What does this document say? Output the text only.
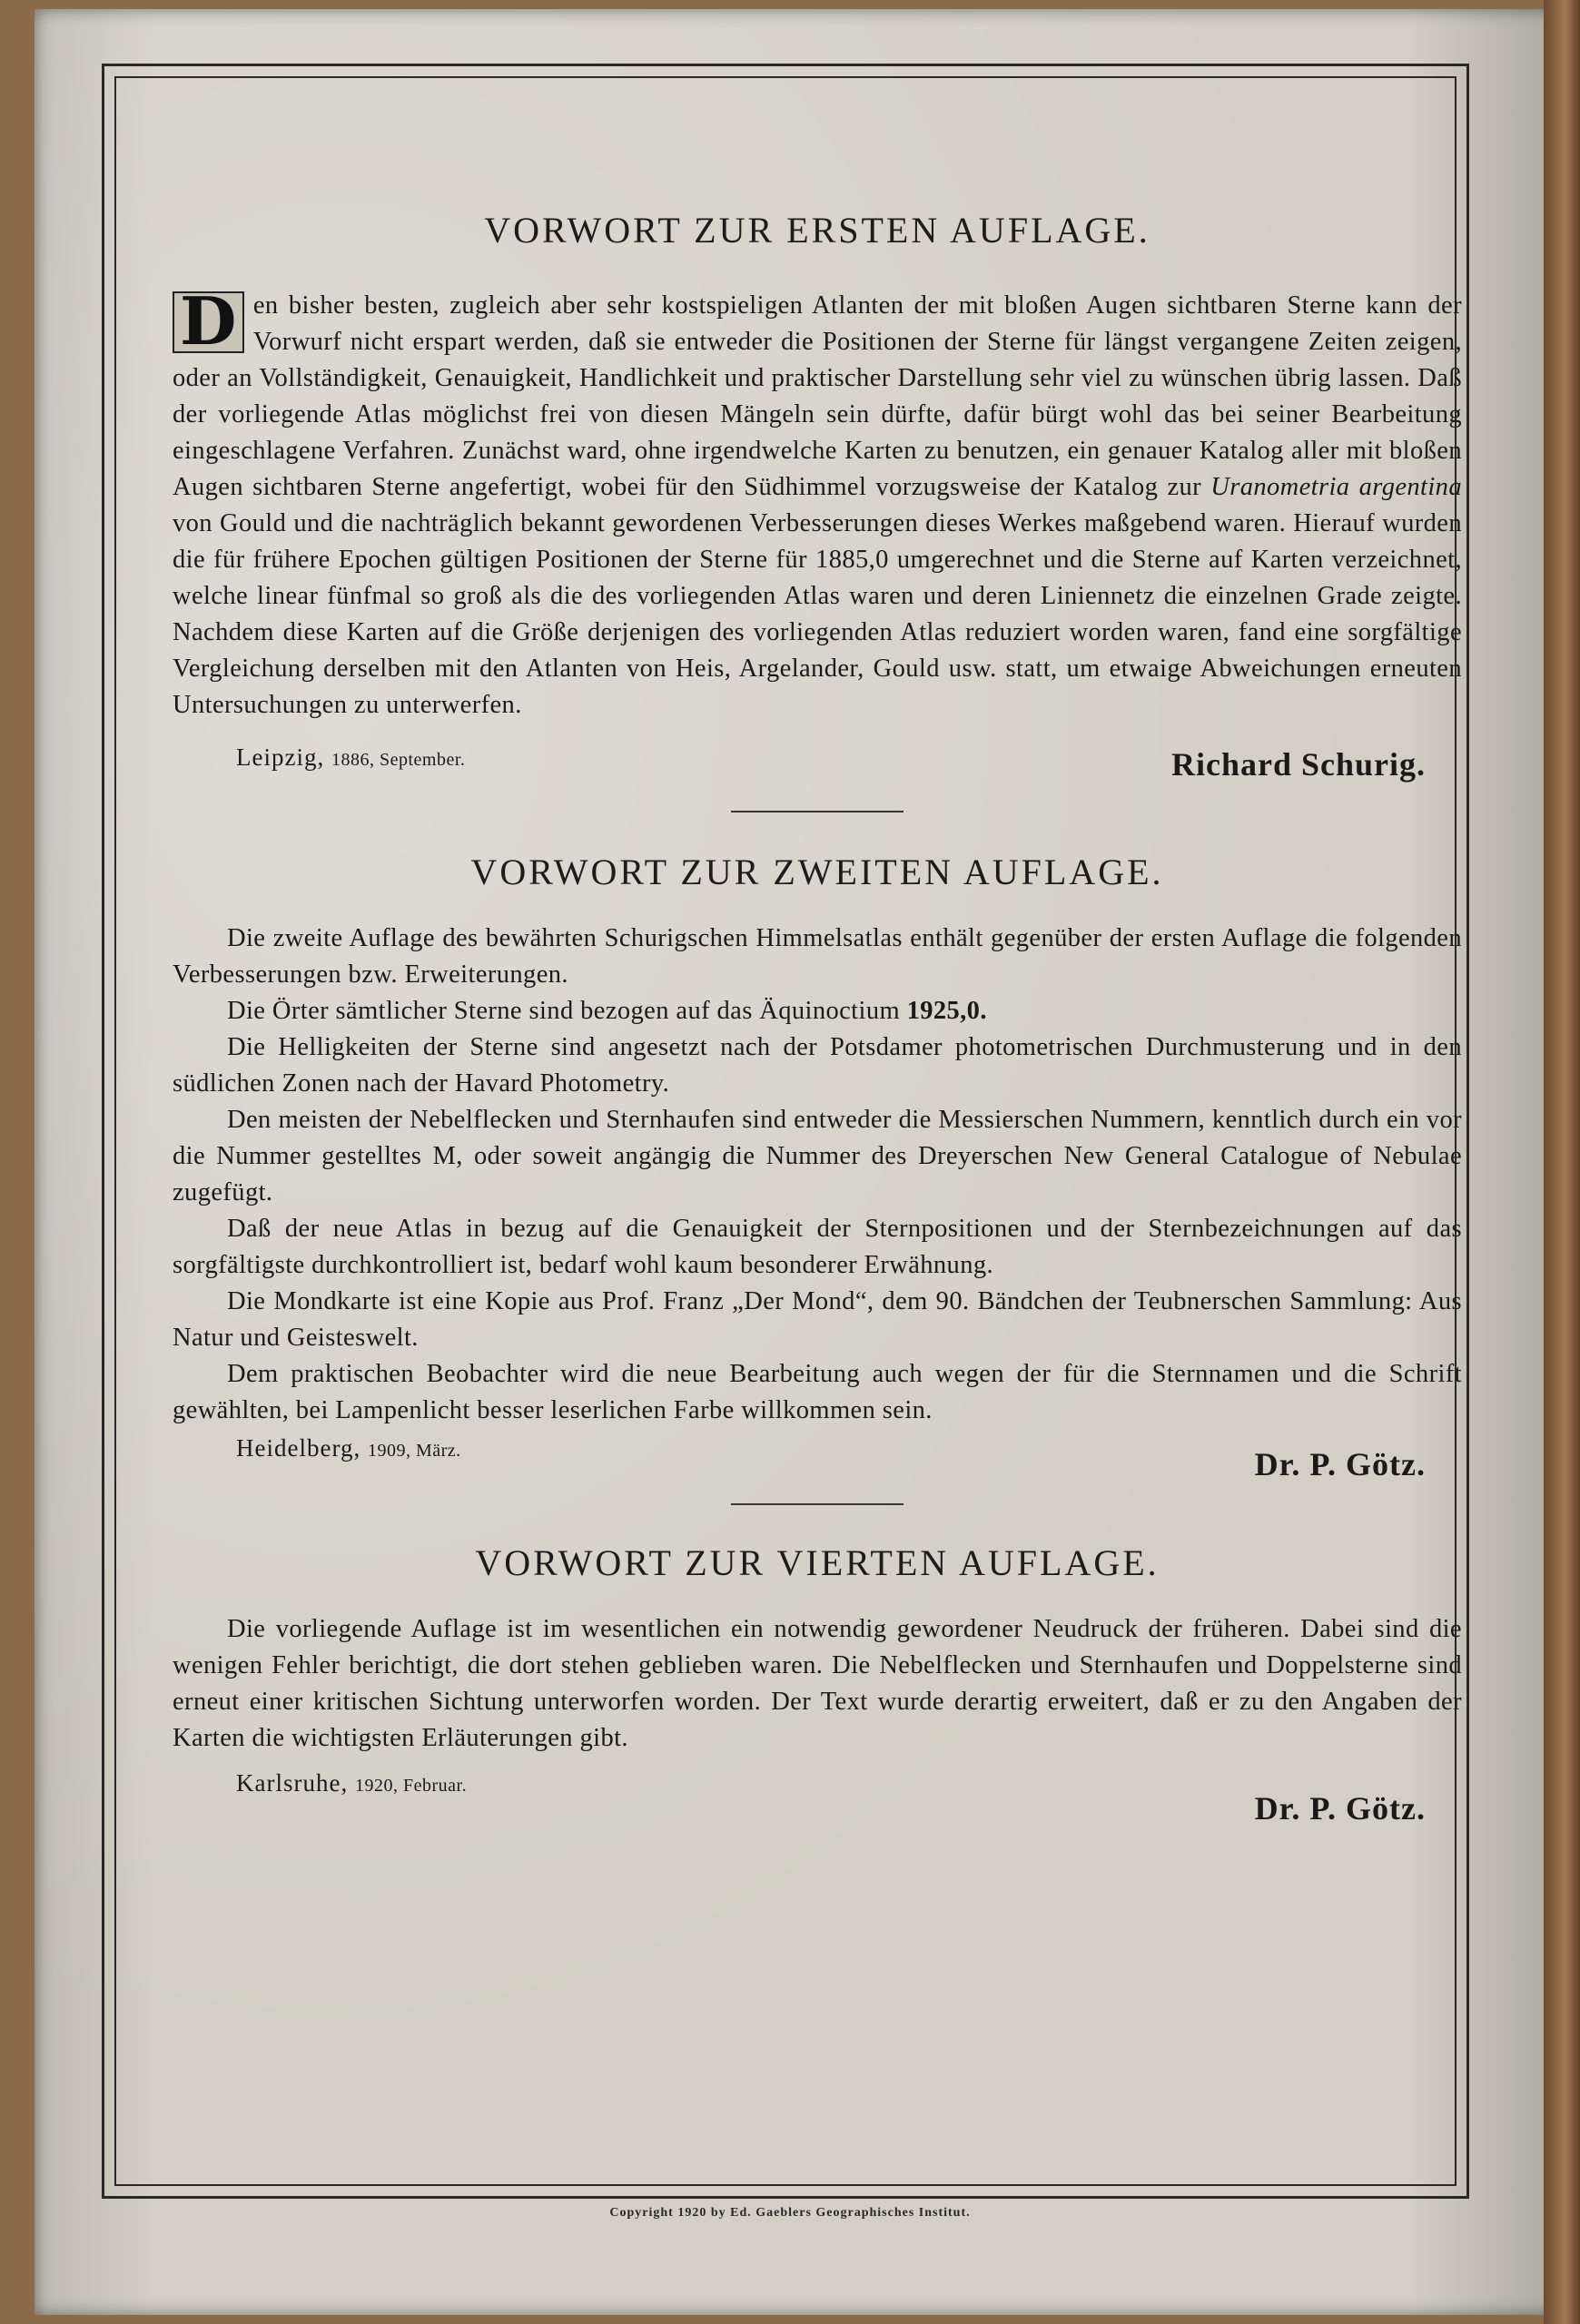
VORWORT ZUR ERSTEN AUFLAGE.

D en bisher besten, zugleich aber sehr kostspieligen Atlanten der mit bloßen Augen sichtbaren Sterne kann der Vorwurf nicht erspart werden, daß sie entweder die Positionen der Sterne für längst vergangene Zeiten zeigen, oder an Vollständigkeit, Genauigkeit, Handlichkeit und praktischer Darstellung sehr viel zu wünschen übrig lassen. Daß der vorliegende Atlas möglichst frei von diesen Mängeln sein dürfte, dafür bürgt wohl das bei seiner Bearbeitung eingeschlagene Verfahren. Zunächst ward, ohne irgendwelche Karten zu benutzen, ein genauer Katalog aller mit bloßen Augen sichtbaren Sterne angefertigt, wobei für den Südhimmel vorzugsweise der Katalog zur Uranometria argentina von Gould und die nachträglich bekannt gewordenen Verbesserungen dieses Werkes maßgebend waren. Hierauf wurden die für frühere Epochen gültigen Positionen der Sterne für 1885,0 umgerechnet und die Sterne auf Karten verzeichnet, welche linear fünfmal so groß als die des vorliegenden Atlas waren und deren Liniennetz die einzelnen Grade zeigte. Nachdem diese Karten auf die Größe derjenigen des vorliegenden Atlas reduziert worden waren, fand eine sorgfältige Vergleichung derselben mit den Atlanten von Heis, Argelander, Gould usw. statt, um etwaige Abweichungen erneuten Untersuchungen zu unterwerfen.

Leipzig, 1886, September.	Richard Schurig.
VORWORT ZUR ZWEITEN AUFLAGE.

Die zweite Auflage des bewährten Schurigschen Himmelsatlas enthält gegenüber der ersten Auflage die folgenden Verbesserungen bzw. Erweiterungen.

Die Örter sämtlicher Sterne sind bezogen auf das Äquinoctium 1925,0.

Die Helligkeiten der Sterne sind angesetzt nach der Potsdamer photometrischen Durchmusterung und in den südlichen Zonen nach der Havard Photometry.

Den meisten der Nebelflecken und Sternhaufen sind entweder die Messierschen Nummern, kenntlich durch ein vor die Nummer gestelltes M, oder soweit angängig die Nummer des Dreyerschen New General Catalogue of Nebulae zugefügt.

Daß der neue Atlas in bezug auf die Genauigkeit der Sternpositionen und der Sternbezeichnungen auf das sorgfältigste durchkontrolliert ist, bedarf wohl kaum besonderer Erwähnung.

Die Mondkarte ist eine Kopie aus Prof. Franz „Der Mond“, dem 90. Bändchen der Teubnerschen Sammlung: Aus Natur und Geisteswelt.

Dem praktischen Beobachter wird die neue Bearbeitung auch wegen der für die Sternnamen und die Schrift gewählten, bei Lampenlicht besser leserlichen Farbe willkommen sein.

Heidelberg, 1909, März.	Dr. P. Götz.
VORWORT ZUR VIERTEN AUFLAGE.

Die vorliegende Auflage ist im wesentlichen ein notwendig gewordener Neudruck der früheren. Dabei sind die wenigen Fehler berichtigt, die dort stehen geblieben waren. Die Nebelflecken und Sternhaufen und Doppelsterne sind erneut einer kritischen Sichtung unterworfen worden. Der Text wurde derartig erweitert, daß er zu den Angaben der Karten die wichtigsten Erläuterungen gibt.

Karlsruhe, 1920, Februar.
Dr. P. Götz.
Copyright 1920 by Ed. Gaeblers Geographisches Institut.
